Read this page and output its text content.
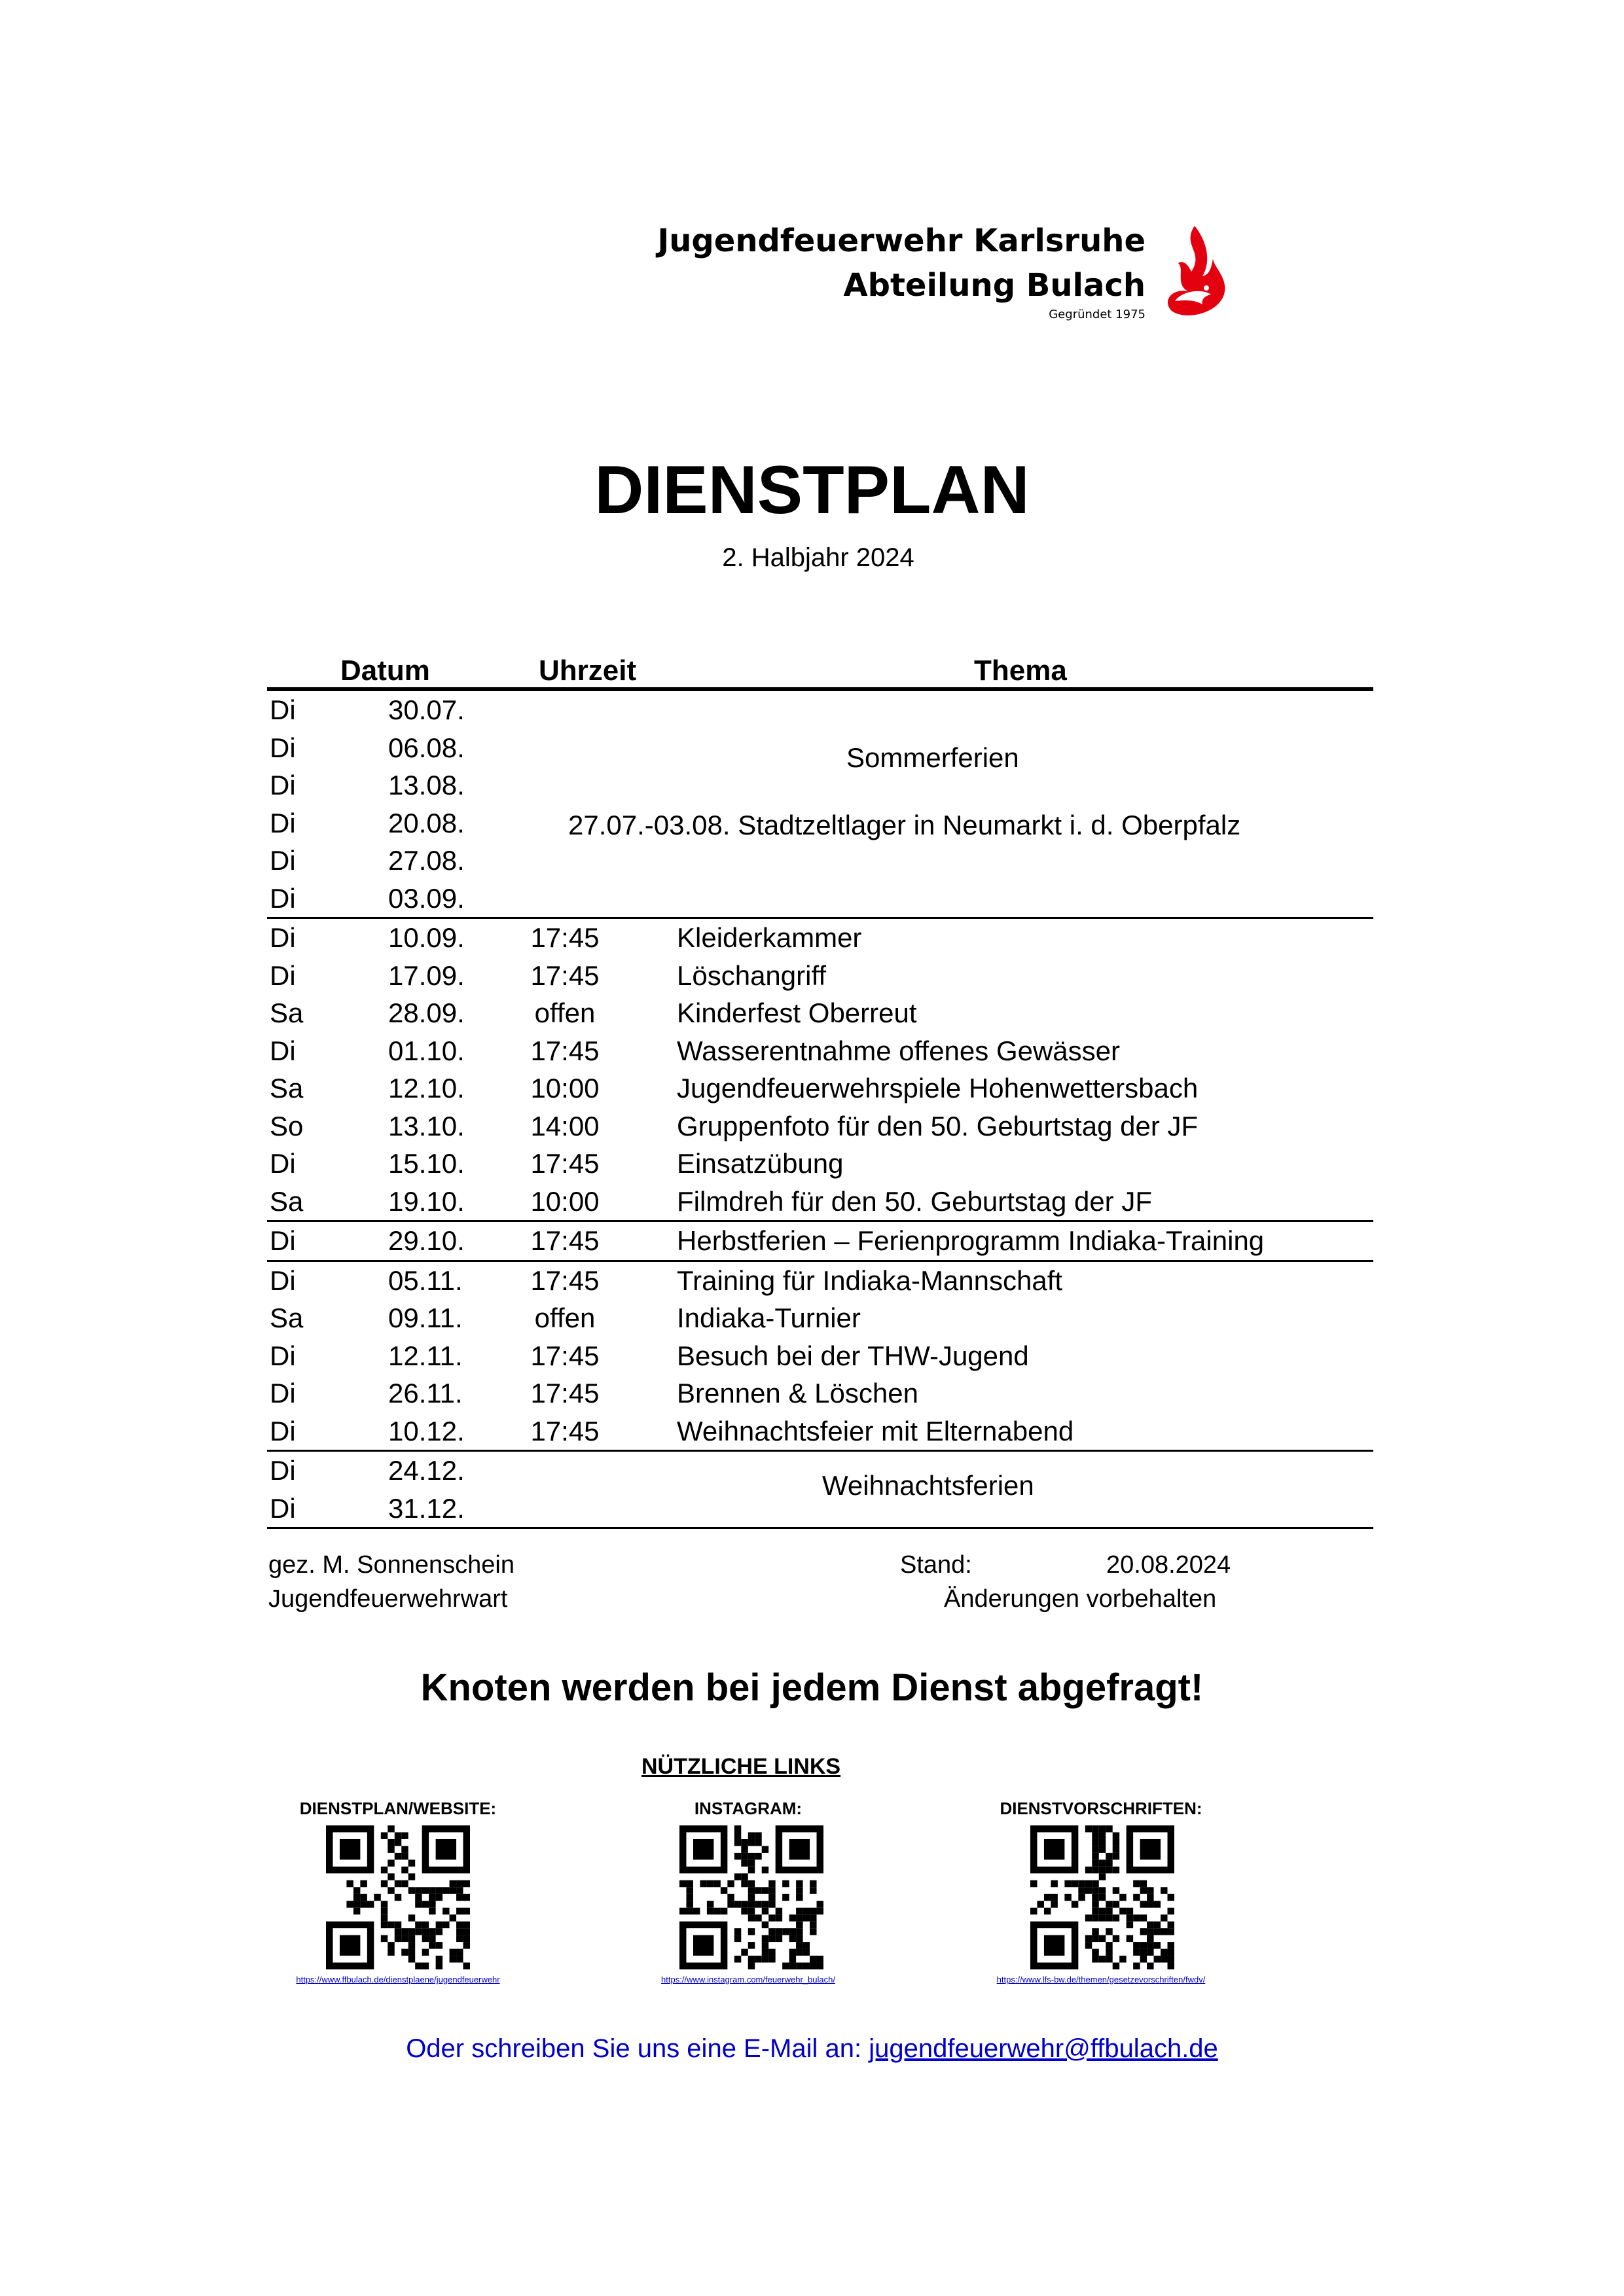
Jugendfeuerwehr Karlsruhe
Abteilung Bulach
Gegründet 1975
DIENSTPLAN
2. Halbjahr 2024
Datum	Uhrzeit	Thema
Di	30.07.
Di	06.08.
Di	13.08.
Di	20.08.
Di	27.08.
Di	03.09.
Sommerferien
27.07.-03.08. Stadtzeltlager in Neumarkt i. d. Oberpfalz
Di	10.09. 17:45	Kleiderkammer
Di	17.09. 17:45	Löschangriff
Sa	28.09.	offen	Kinderfest Oberreut
Di	01.10. 17:45	Wasserentnahme offenes Gewässer
Sa	12.10. 10:00	Jugendfeuerwehrspiele Hohenwettersbach
So	13.10. 14:00	Gruppenfoto für den 50. Geburtstag der JF
Di	15.10. 17:45	Einsatzübung
Sa	19.10. 10:00	Filmdreh für den 50. Geburtstag der JF
Di	29.10. 17:45	Herbstferien – Ferienprogramm Indiaka-Training
Di	05.11. 17:45	Training für Indiaka-Mannschaft
Sa	09.11.	offen	Indiaka-Turnier
Di	12.11. 17:45	Besuch bei der THW-Jugend
Di	26.11. 17:45	Brennen & Löschen
Di	10.12. 17:45	Weihnachtsfeier mit Elternabend
Di	24.12.
Di	31.12.
Weihnachtsferien
gez. M. Sonnenschein
Jugendfeuerwehrwart
Stand:	20.08.2024
Änderungen vorbehalten
Knoten werden bei jedem Dienst abgefragt!
NÜTZLICHE LINKS
DIENSTPLAN/WEBSITE:
https://www.ffbulach.de/dienstplaene/jugendfeuerwehr
INSTAGRAM:
https://www.instagram.com/feuerwehr_bulach/
DIENSTVORSCHRIFTEN:
https://www.lfs-bw.de/themen/gesetzevorschriften/fwdv/
Oder schreiben Sie uns eine E-Mail an: jugendfeuerwehr@ffbulach.de
